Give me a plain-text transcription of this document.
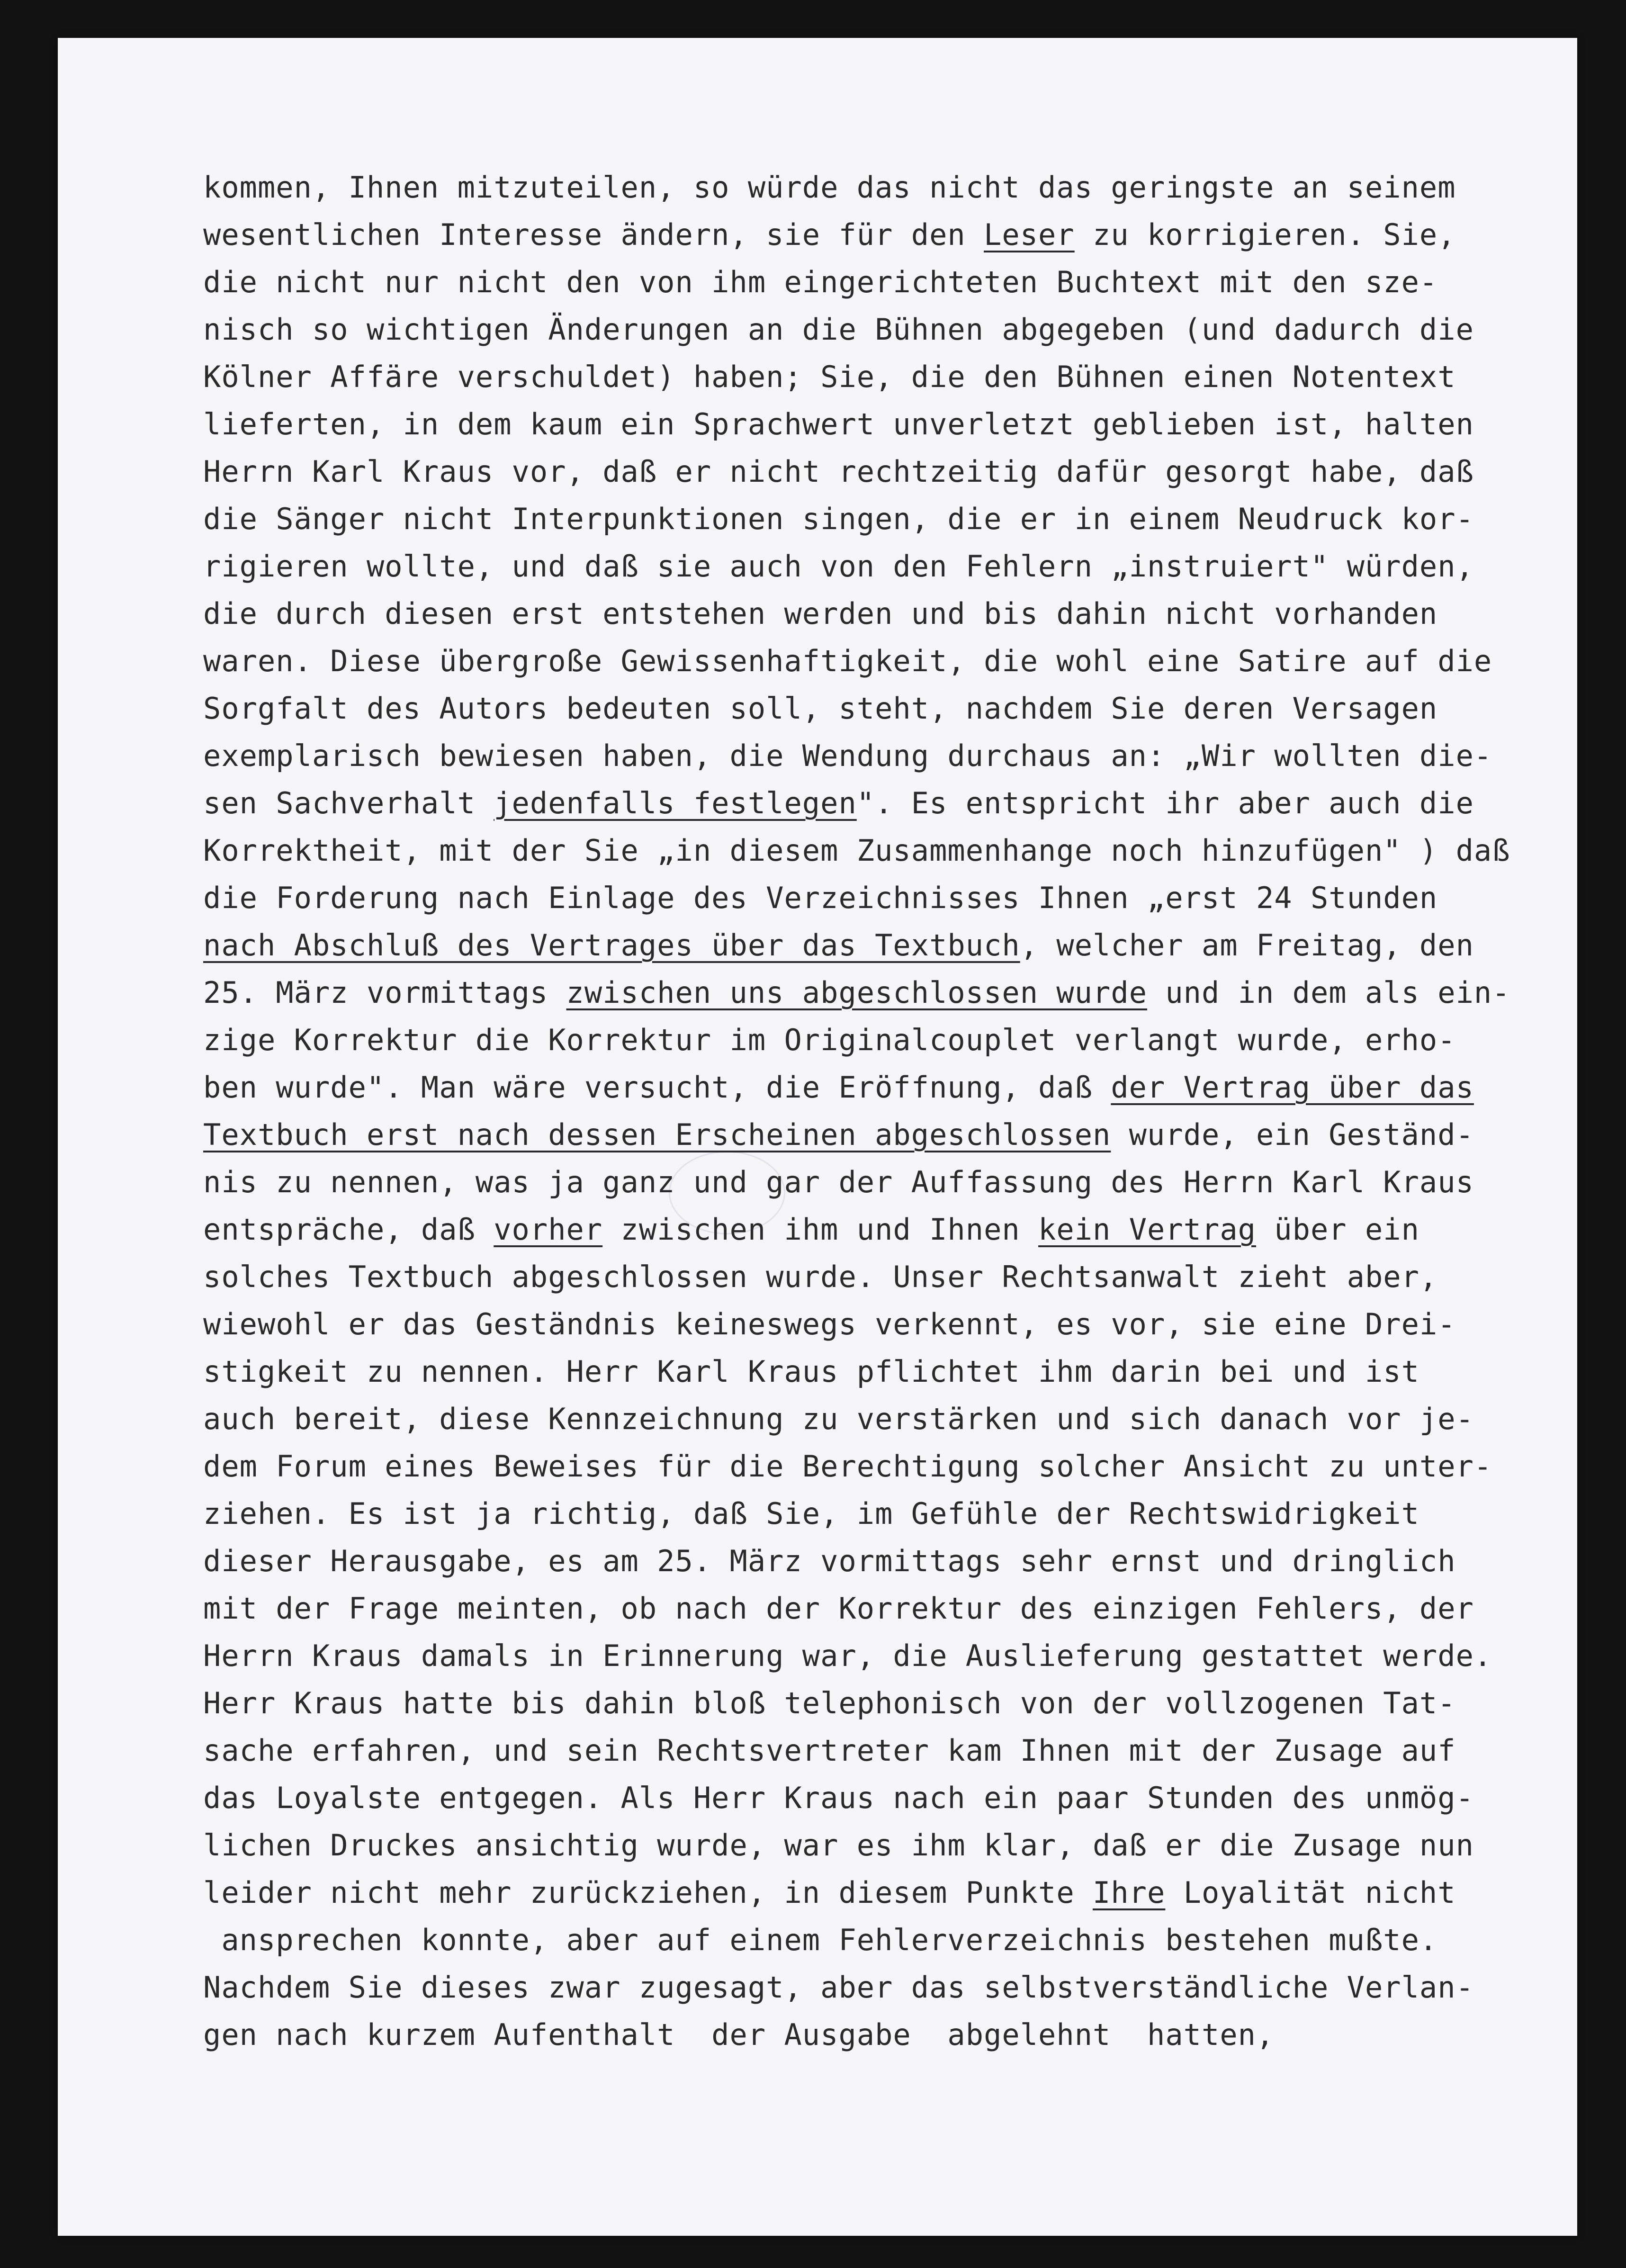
kommen, Ihnen mitzuteilen, so würde das nicht das geringste an seinem
wesentlichen Interesse ändern, sie für den Leser zu korrigieren. Sie,
die nicht nur nicht den von ihm eingerichteten Buchtext mit den sze-
nisch so wichtigen Änderungen an die Bühnen abgegeben (und dadurch die
Kölner Affäre verschuldet) haben; Sie, die den Bühnen einen Notentext
lieferten, in dem kaum ein Sprachwert unverletzt geblieben ist, halten
Herrn Karl Kraus vor, daß er nicht rechtzeitig dafür gesorgt habe, daß
die Sänger nicht Interpunktionen singen, die er in einem Neudruck kor-
rigieren wollte, und daß sie auch von den Fehlern „instruiert" würden,
die durch diesen erst entstehen werden und bis dahin nicht vorhanden
waren. Diese übergroße Gewissenhaftigkeit, die wohl eine Satire auf die
Sorgfalt des Autors bedeuten soll, steht, nachdem Sie deren Versagen
exemplarisch bewiesen haben, die Wendung durchaus an: „Wir wollten die-
sen Sachverhalt jedenfalls festlegen". Es entspricht ihr aber auch die
Korrektheit, mit der Sie „in diesem Zusammenhange noch hinzufügen" ) daß
die Forderung nach Einlage des Verzeichnisses Ihnen „erst 24 Stunden
nach Abschluß des Vertrages über das Textbuch, welcher am Freitag, den
25. März vormittags zwischen uns abgeschlossen wurde und in dem als ein-
zige Korrektur die Korrektur im Originalcouplet verlangt wurde, erho-
ben wurde". Man wäre versucht, die Eröffnung, daß der Vertrag über das
Textbuch erst nach dessen Erscheinen abgeschlossen wurde, ein Geständ-
nis zu nennen, was ja ganz und gar der Auffassung des Herrn Karl Kraus
entspräche, daß vorher zwischen ihm und Ihnen kein Vertrag über ein
solches Textbuch abgeschlossen wurde. Unser Rechtsanwalt zieht aber,
wiewohl er das Geständnis keineswegs verkennt, es vor, sie eine Drei-
stigkeit zu nennen. Herr Karl Kraus pflichtet ihm darin bei und ist
auch bereit, diese Kennzeichnung zu verstärken und sich danach vor je-
dem Forum eines Beweises für die Berechtigung solcher Ansicht zu unter-
ziehen. Es ist ja richtig, daß Sie, im Gefühle der Rechtswidrigkeit
dieser Herausgabe, es am 25. März vormittags sehr ernst und dringlich
mit der Frage meinten, ob nach der Korrektur des einzigen Fehlers, der
Herrn Kraus damals in Erinnerung war, die Auslieferung gestattet werde.
Herr Kraus hatte bis dahin bloß telephonisch von der vollzogenen Tat-
sache erfahren, und sein Rechtsvertreter kam Ihnen mit der Zusage auf
das Loyalste entgegen. Als Herr Kraus nach ein paar Stunden des unmög-
lichen Druckes ansichtig wurde, war es ihm klar, daß er die Zusage nun
leider nicht mehr zurückziehen, in diesem Punkte Ihre Loyalität nicht
ansprechen konnte, aber auf einem Fehlerverzeichnis bestehen mußte.
Nachdem Sie dieses zwar zugesagt, aber das selbstverständliche Verlan-
gen nach kurzem Aufenthalt  der Ausgabe  abgelehnt  hatten,
